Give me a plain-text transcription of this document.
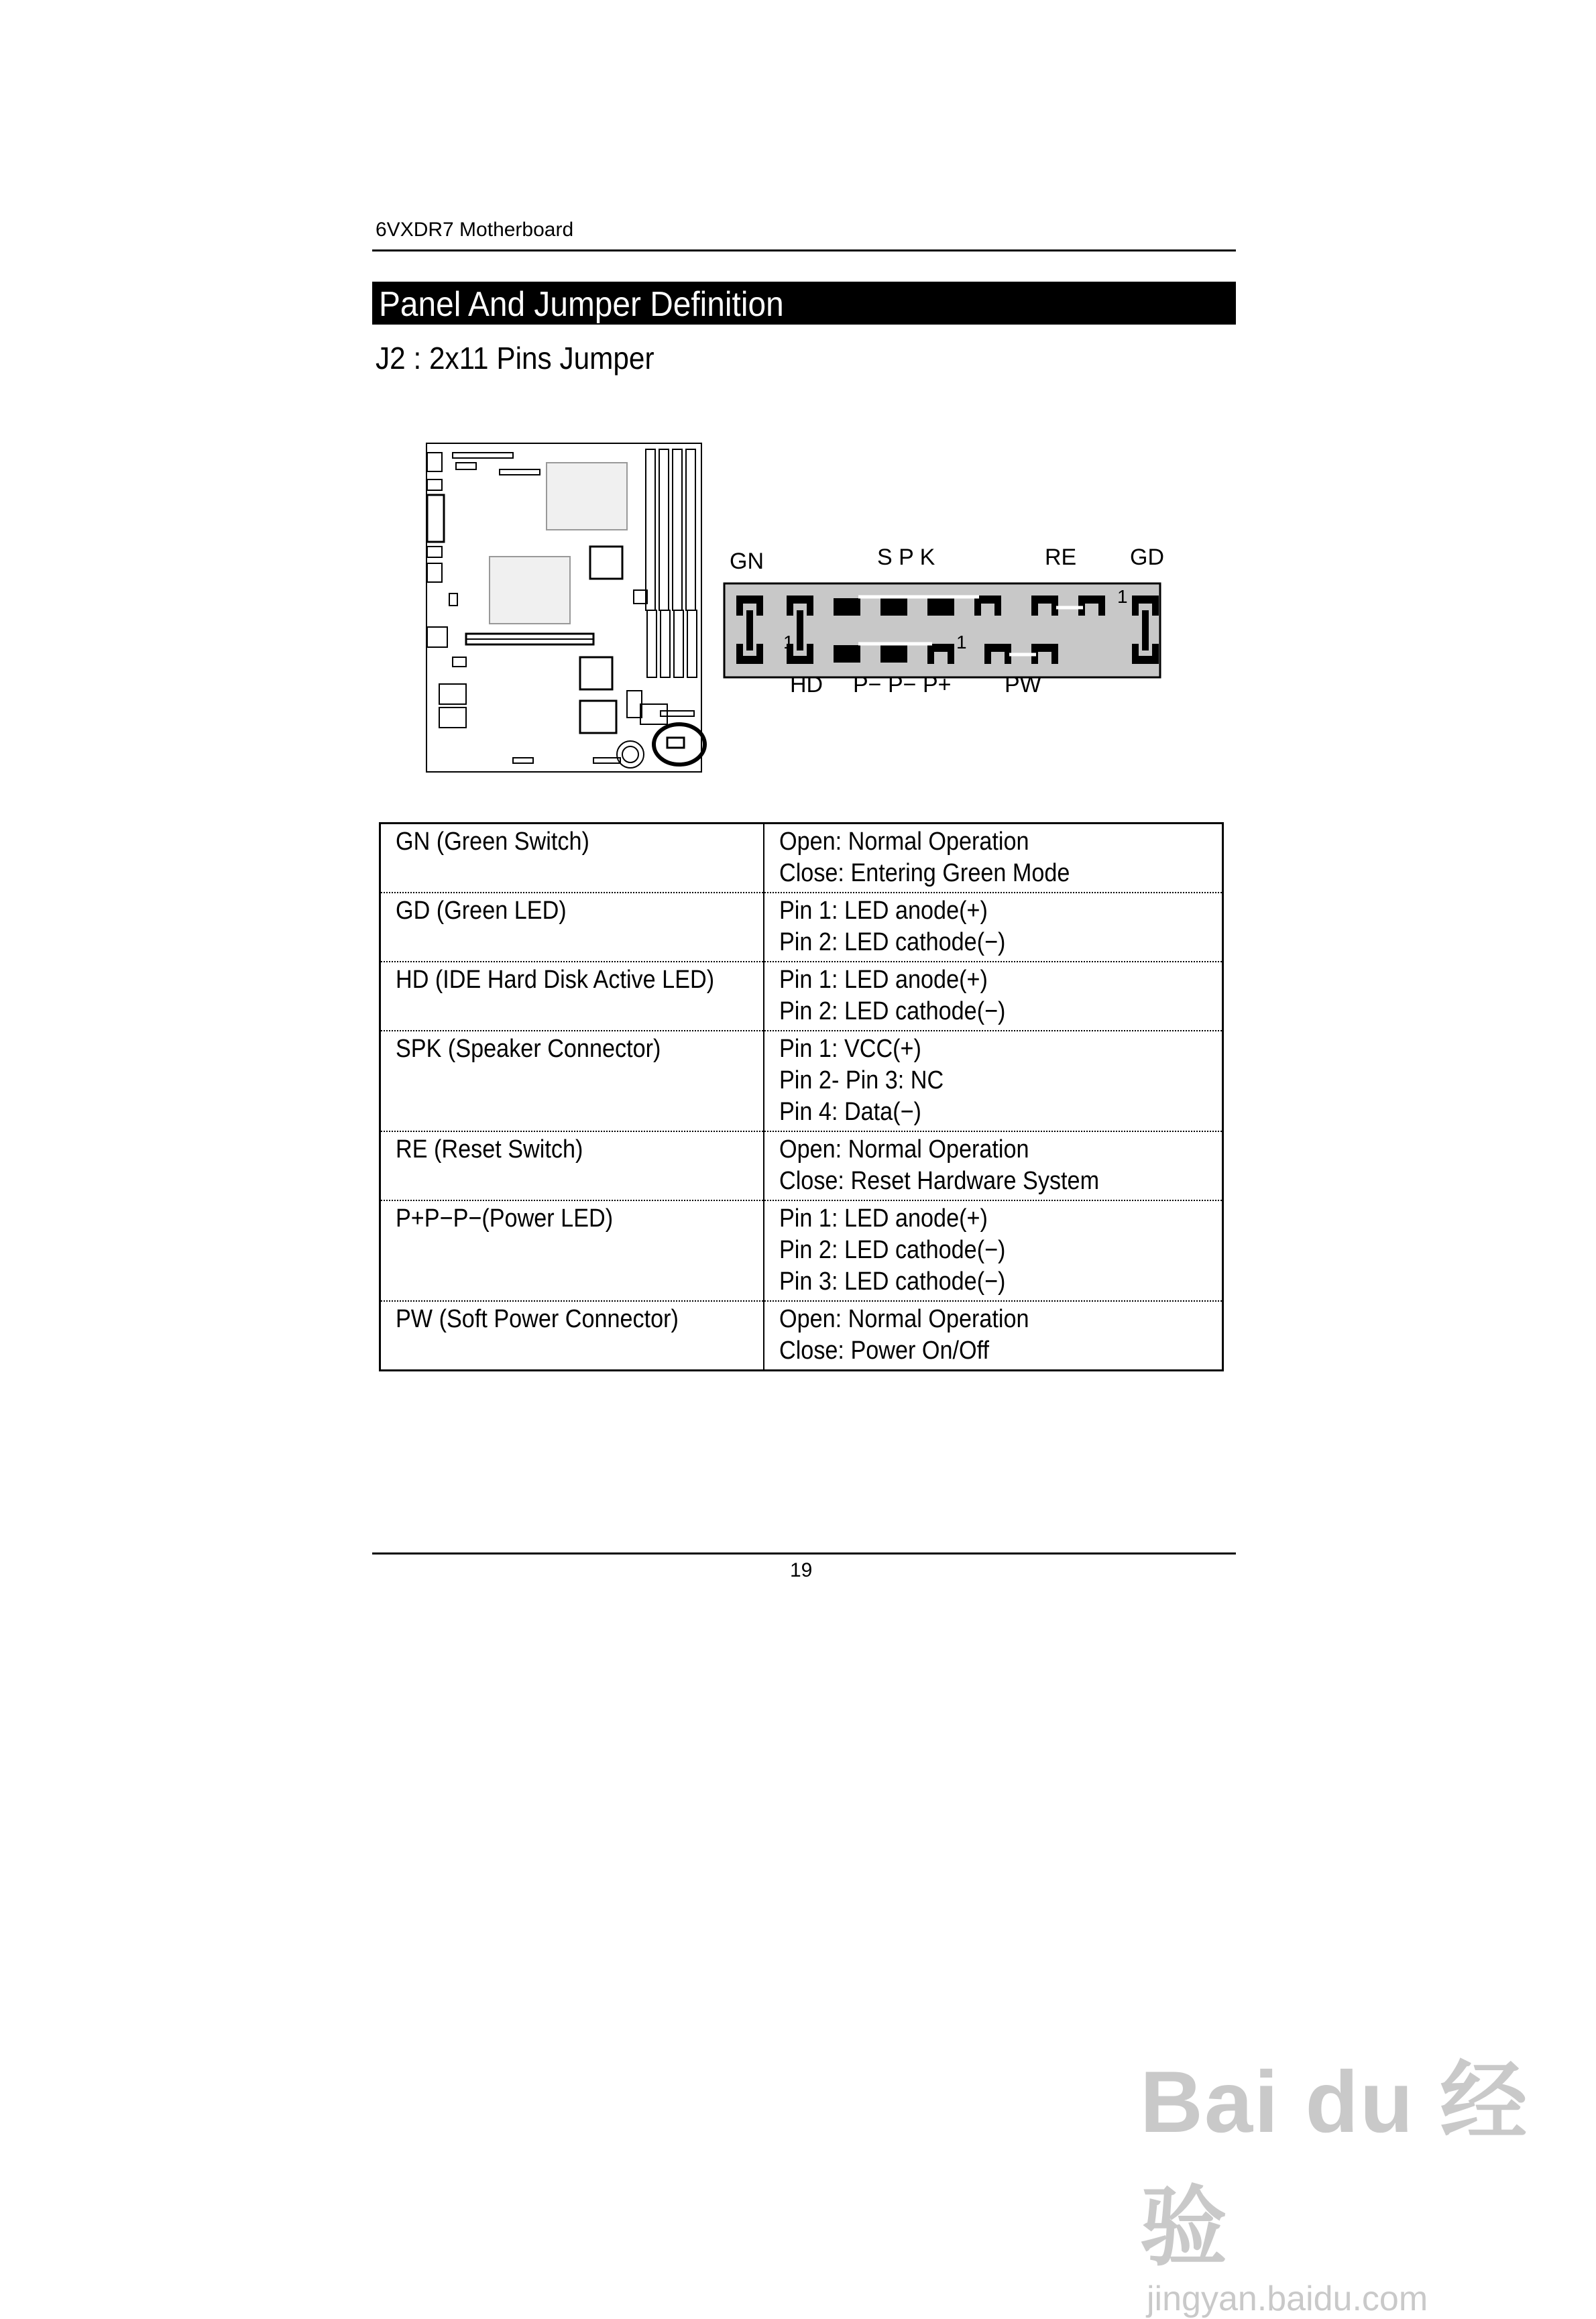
6VXDR7 Motherboard
Panel And Jumper Definition
J2 : 2x11 Pins Jumper
GN	S P K	RE GD
HD P− P− P+ PW
1
1	1
GN (Green Switch)	Open: Normal Operation
Close: Entering Green Mode

GD (Green LED)	Pin 1: LED anode(+)
Pin 2: LED cathode(−)

HD (IDE Hard Disk Active LED)	Pin 1: LED anode(+)
Pin 2: LED cathode(−)

SPK (Speaker Connector)	Pin 1: VCC(+)
Pin 2- Pin 3: NC
Pin 4: Data(−)

RE (Reset Switch)	Open: Normal Operation
Close: Reset Hardware System

P+P−P−(Power LED)	Pin 1: LED anode(+)
Pin 2: LED cathode(−)
Pin 3: LED cathode(−)

PW (Soft Power Connector)	Open: Normal Operation
Close: Power On/Off
19
Bai du 经验
jingyan.baidu.com
